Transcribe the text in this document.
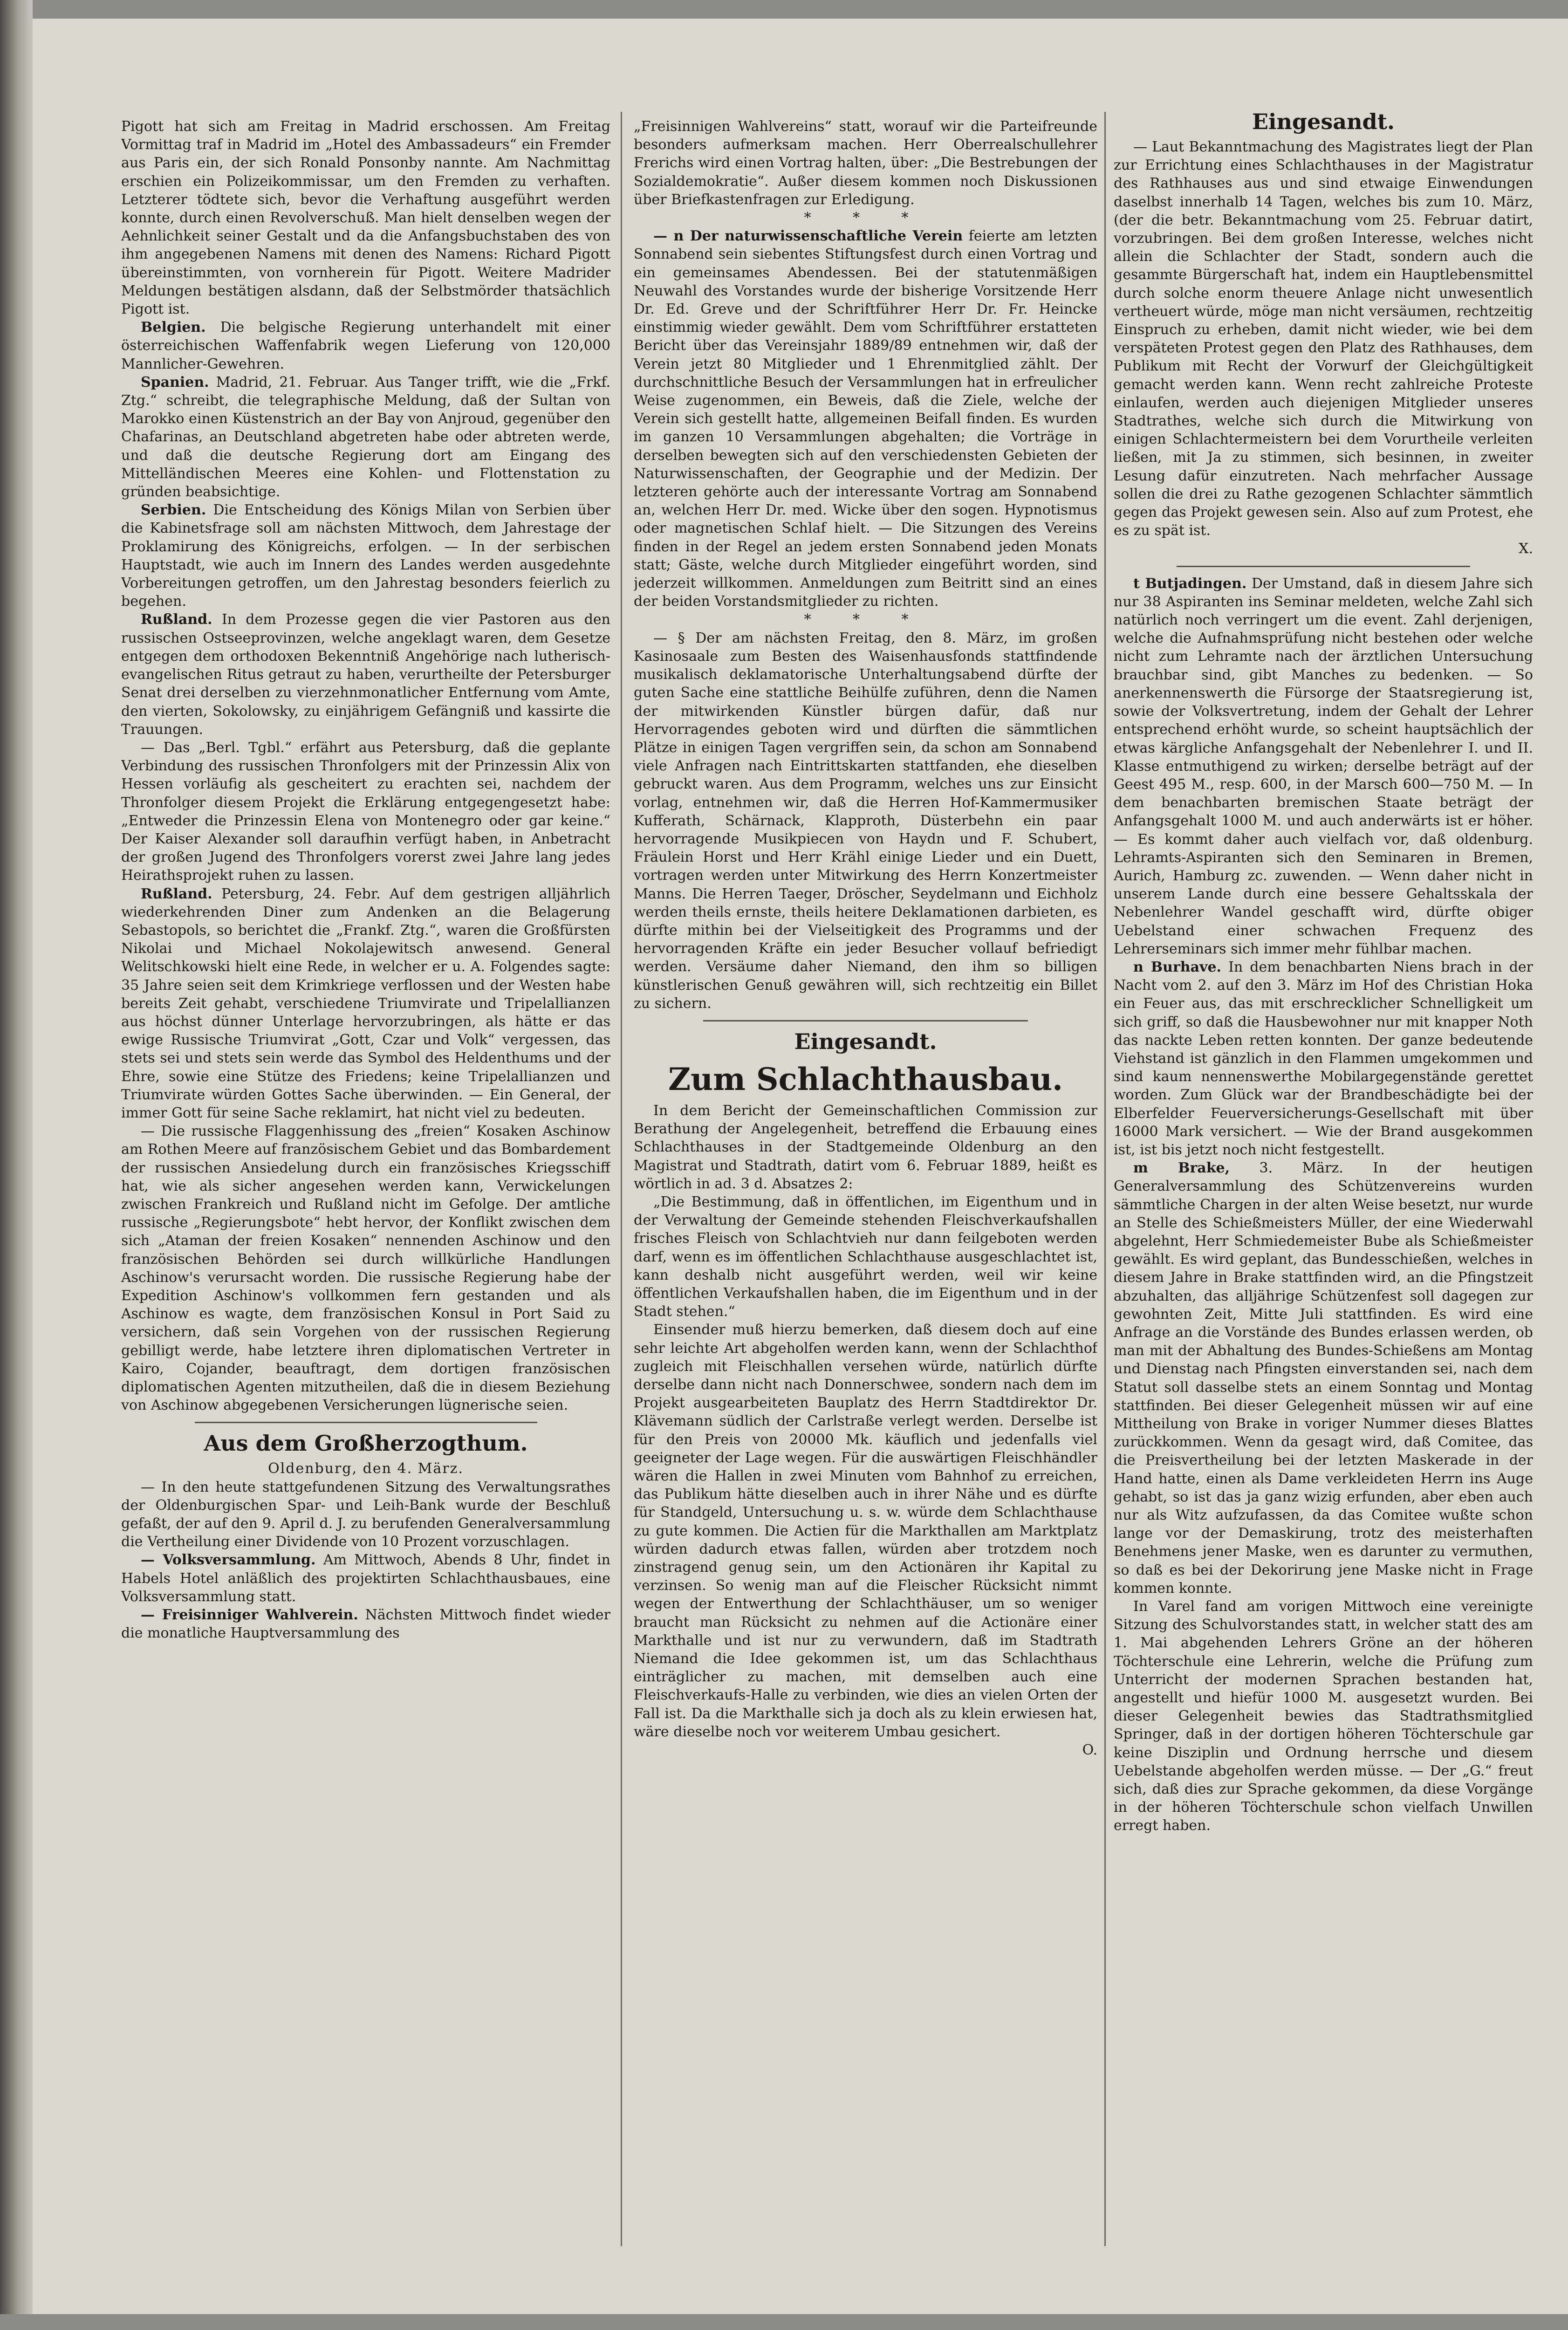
Pigott hat sich am Freitag in Madrid erschossen. Am Freitag Vormittag traf in Madrid im „Hotel des Ambassadeurs“ ein Fremder aus Paris ein, der sich Ronald Ponsonby nannte. Am Nachmittag erschien ein Polizeikommissar, um den Fremden zu verhaften. Letzterer tödtete sich, bevor die Verhaftung ausgeführt werden konnte, durch einen Revolverschuß. Man hielt denselben wegen der Aehnlichkeit seiner Gestalt und da die Anfangsbuchstaben des von ihm angegebenen Namens mit denen des Namens: Richard Pigott übereinstimmten, von vornherein für Pigott. Weitere Madrider Meldungen bestätigen alsdann, daß der Selbstmörder thatsächlich Pigott ist.

Belgien. Die belgische Regierung unterhandelt mit einer österreichischen Waffenfabrik wegen Lieferung von 120,000 Mannlicher-Gewehren.

Spanien. Madrid, 21. Februar. Aus Tanger trifft, wie die „Frkf. Ztg.“ schreibt, die telegraphische Meldung, daß der Sultan von Marokko einen Küstenstrich an der Bay von Anjroud, gegenüber den Chafarinas, an Deutschland abgetreten habe oder abtreten werde, und daß die deutsche Regierung dort am Eingang des Mittelländischen Meeres eine Kohlen- und Flottenstation zu gründen beabsichtige.

Serbien. Die Entscheidung des Königs Milan von Serbien über die Kabinetsfrage soll am nächsten Mittwoch, dem Jahrestage der Proklamirung des Königreichs, erfolgen. — In der serbischen Hauptstadt, wie auch im Innern des Landes werden ausgedehnte Vorbereitungen getroffen, um den Jahrestag besonders feierlich zu begehen.

Rußland. In dem Prozesse gegen die vier Pastoren aus den russischen Ostseeprovinzen, welche angeklagt waren, dem Gesetze entgegen dem orthodoxen Bekenntniß Angehörige nach lutherisch-evangelischen Ritus getraut zu haben, verurtheilte der Petersburger Senat drei derselben zu vierzehnmonatlicher Entfernung vom Amte, den vierten, Sokolowsky, zu einjährigem Gefängniß und kassirte die Trauungen.

— Das „Berl. Tgbl.“ erfährt aus Petersburg, daß die geplante Verbindung des russischen Thronfolgers mit der Prinzessin Alix von Hessen vorläufig als gescheitert zu erachten sei, nachdem der Thronfolger diesem Projekt die Erklärung entgegengesetzt habe: „Entweder die Prinzessin Elena von Montenegro oder gar keine.“ Der Kaiser Alexander soll daraufhin verfügt haben, in Anbetracht der großen Jugend des Thronfolgers vorerst zwei Jahre lang jedes Heirathsprojekt ruhen zu lassen.

Rußland. Petersburg, 24. Febr. Auf dem gestrigen alljährlich wiederkehrenden Diner zum Andenken an die Belagerung Sebastopols, so berichtet die „Frankf. Ztg.“, waren die Großfürsten Nikolai und Michael Nokolajewitsch anwesend. General Welitschkowski hielt eine Rede, in welcher er u. A. Folgendes sagte: 35 Jahre seien seit dem Krimkriege verflossen und der Westen habe bereits Zeit gehabt, verschiedene Triumvirate und Tripelallianzen aus höchst dünner Unterlage hervorzubringen, als hätte er das ewige Russische Triumvirat „Gott, Czar und Volk“ vergessen, das stets sei und stets sein werde das Symbol des Heldenthums und der Ehre, sowie eine Stütze des Friedens; keine Tripelallianzen und Triumvirate würden Gottes Sache überwinden. — Ein General, der immer Gott für seine Sache reklamirt, hat nicht viel zu bedeuten.

— Die russische Flaggenhissung des „freien“ Kosaken Aschinow am Rothen Meere auf französischem Gebiet und das Bombardement der russischen Ansiedelung durch ein französisches Kriegsschiff hat, wie als sicher angesehen werden kann, Verwickelungen zwischen Frankreich und Rußland nicht im Gefolge. Der amtliche russische „Regierungsbote“ hebt hervor, der Konflikt zwischen dem sich „Ataman der freien Kosaken“ nennenden Aschinow und den französischen Behörden sei durch willkürliche Handlungen Aschinow's verursacht worden. Die russische Regierung habe der Expedition Aschinow's vollkommen fern gestanden und als Aschinow es wagte, dem französischen Konsul in Port Said zu versichern, daß sein Vorgehen von der russischen Regierung gebilligt werde, habe letztere ihren diplomatischen Vertreter in Kairo, Cojander, beauftragt, dem dortigen französischen diplomatischen Agenten mitzutheilen, daß die in diesem Beziehung von Aschinow abgegebenen Versicherungen lügnerische seien.

Aus dem Großherzogthum.

Oldenburg, den 4. März.

— In den heute stattgefundenen Sitzung des Verwaltungsrathes der Oldenburgischen Spar- und Leih-Bank wurde der Beschluß gefaßt, der auf den 9. April d. J. zu berufenden Generalversammlung die Vertheilung einer Dividende von 10 Prozent vorzuschlagen.

— Volksversammlung. Am Mittwoch, Abends 8 Uhr, findet in Habels Hotel anläßlich des projektirten Schlachthausbaues, eine Volksversammlung statt.

— Freisinniger Wahlverein. Nächsten Mittwoch findet wieder die monatliche Hauptversammlung des

„Freisinnigen Wahlvereins“ statt, worauf wir die Parteifreunde besonders aufmerksam machen. Herr Oberrealschullehrer Frerichs wird einen Vortrag halten, über: „Die Bestrebungen der Sozialdemokratie“. Außer diesem kommen noch Diskussionen über Briefkastenfragen zur Erledigung.

* * *

— n Der naturwissenschaftliche Verein feierte am letzten Sonnabend sein siebentes Stiftungsfest durch einen Vortrag und ein gemeinsames Abendessen. Bei der statutenmäßigen Neuwahl des Vorstandes wurde der bisherige Vorsitzende Herr Dr. Ed. Greve und der Schriftführer Herr Dr. Fr. Heincke einstimmig wieder gewählt. Dem vom Schriftführer erstatteten Bericht über das Vereinsjahr 1889/89 entnehmen wir, daß der Verein jetzt 80 Mitglieder und 1 Ehrenmitglied zählt. Der durchschnittliche Besuch der Versammlungen hat in erfreulicher Weise zugenommen, ein Beweis, daß die Ziele, welche der Verein sich gestellt hatte, allgemeinen Beifall finden. Es wurden im ganzen 10 Versammlungen abgehalten; die Vorträge in derselben bewegten sich auf den verschiedensten Gebieten der Naturwissenschaften, der Geographie und der Medizin. Der letzteren gehörte auch der interessante Vortrag am Sonnabend an, welchen Herr Dr. med. Wicke über den sogen. Hypnotismus oder magnetischen Schlaf hielt. — Die Sitzungen des Vereins finden in der Regel an jedem ersten Sonnabend jeden Monats statt; Gäste, welche durch Mitglieder eingeführt worden, sind jederzeit willkommen. Anmeldungen zum Beitritt sind an eines der beiden Vorstandsmitglieder zu richten.

* * *

— § Der am nächsten Freitag, den 8. März, im großen Kasinosaale zum Besten des Waisenhausfonds stattfindende musikalisch deklamatorische Unterhaltungsabend dürfte der guten Sache eine stattliche Beihülfe zuführen, denn die Namen der mitwirkenden Künstler bürgen dafür, daß nur Hervorragendes geboten wird und dürften die sämmtlichen Plätze in einigen Tagen vergriffen sein, da schon am Sonnabend viele Anfragen nach Eintrittskarten stattfanden, ehe dieselben gebruckt waren. Aus dem Programm, welches uns zur Einsicht vorlag, entnehmen wir, daß die Herren Hof-Kammermusiker Kufferath, Schärnack, Klapproth, Düsterbehn ein paar hervorragende Musikpiecen von Haydn und F. Schubert, Fräulein Horst und Herr Krähl einige Lieder und ein Duett, vortragen werden unter Mitwirkung des Herrn Konzertmeister Manns. Die Herren Taeger, Dröscher, Seydelmann und Eichholz werden theils ernste, theils heitere Deklamationen darbieten, es dürfte mithin bei der Vielseitigkeit des Programms und der hervorragenden Kräfte ein jeder Besucher vollauf befriedigt werden. Versäume daher Niemand, den ihm so billigen künstlerischen Genuß gewähren will, sich rechtzeitig ein Billet zu sichern.

Eingesandt.
Zum Schlachthausbau.

In dem Bericht der Gemeinschaftlichen Commission zur Berathung der Angelegenheit, betreffend die Erbauung eines Schlachthauses in der Stadtgemeinde Oldenburg an den Magistrat und Stadtrath, datirt vom 6. Februar 1889, heißt es wörtlich in ad. 3 d. Absatzes 2:

„Die Bestimmung, daß in öffentlichen, im Eigenthum und in der Verwaltung der Gemeinde stehenden Fleischverkaufshallen frisches Fleisch von Schlachtvieh nur dann feilgeboten werden darf, wenn es im öffentlichen Schlachthause ausgeschlachtet ist, kann deshalb nicht ausgeführt werden, weil wir keine öffentlichen Verkaufshallen haben, die im Eigenthum und in der Stadt stehen.“

Einsender muß hierzu bemerken, daß diesem doch auf eine sehr leichte Art abgeholfen werden kann, wenn der Schlachthof zugleich mit Fleischhallen versehen würde, natürlich dürfte derselbe dann nicht nach Donnerschwee, sondern nach dem im Projekt ausgearbeiteten Bauplatz des Herrn Stadtdirektor Dr. Klävemann südlich der Carlstraße verlegt werden. Derselbe ist für den Preis von 20000 Mk. käuflich und jedenfalls viel geeigneter der Lage wegen. Für die auswärtigen Fleischhändler wären die Hallen in zwei Minuten vom Bahnhof zu erreichen, das Publikum hätte dieselben auch in ihrer Nähe und es dürfte für Standgeld, Untersuchung u. s. w. würde dem Schlachthause zu gute kommen. Die Actien für die Markthallen am Marktplatz würden dadurch etwas fallen, würden aber trotzdem noch zinstragend genug sein, um den Actionären ihr Kapital zu verzinsen. So wenig man auf die Fleischer Rücksicht nimmt wegen der Entwerthung der Schlachthäuser, um so weniger braucht man Rücksicht zu nehmen auf die Actionäre einer Markthalle und ist nur zu verwundern, daß im Stadtrath Niemand die Idee gekommen ist, um das Schlachthaus einträglicher zu machen, mit demselben auch eine Fleischverkaufs-Halle zu verbinden, wie dies an vielen Orten der Fall ist. Da die Markthalle sich ja doch als zu klein erwiesen hat, wäre dieselbe noch vor weiterem Umbau gesichert.

O.

Eingesandt.

— Laut Bekanntmachung des Magistrates liegt der Plan zur Errichtung eines Schlachthauses in der Magistratur des Rathhauses aus und sind etwaige Einwendungen daselbst innerhalb 14 Tagen, welches bis zum 10. März, (der die betr. Bekanntmachung vom 25. Februar datirt, vorzubringen. Bei dem großen Interesse, welches nicht allein die Schlachter der Stadt, sondern auch die gesammte Bürgerschaft hat, indem ein Hauptlebensmittel durch solche enorm theuere Anlage nicht unwesentlich vertheuert würde, möge man nicht versäumen, rechtzeitig Einspruch zu erheben, damit nicht wieder, wie bei dem verspäteten Protest gegen den Platz des Rathhauses, dem Publikum mit Recht der Vorwurf der Gleichgültigkeit gemacht werden kann. Wenn recht zahlreiche Proteste einlaufen, werden auch diejenigen Mitglieder unseres Stadtrathes, welche sich durch die Mitwirkung von einigen Schlachtermeistern bei dem Vorurtheile verleiten ließen, mit Ja zu stimmen, sich besinnen, in zweiter Lesung dafür einzutreten. Nach mehrfacher Aussage sollen die drei zu Rathe gezogenen Schlachter sämmtlich gegen das Projekt gewesen sein. Also auf zum Protest, ehe es zu spät ist.

X.

t Butjadingen. Der Umstand, daß in diesem Jahre sich nur 38 Aspiranten ins Seminar meldeten, welche Zahl sich natürlich noch verringert um die event. Zahl derjenigen, welche die Aufnahmsprüfung nicht bestehen oder welche nicht zum Lehramte nach der ärztlichen Untersuchung brauchbar sind, gibt Manches zu bedenken. — So anerkennenswerth die Fürsorge der Staatsregierung ist, sowie der Volksvertretung, indem der Gehalt der Lehrer entsprechend erhöht wurde, so scheint hauptsächlich der etwas kärgliche Anfangsgehalt der Nebenlehrer I. und II. Klasse entmuthigend zu wirken; derselbe beträgt auf der Geest 495 M., resp. 600, in der Marsch 600—750 M. — In dem benachbarten bremischen Staate beträgt der Anfangsgehalt 1000 M. und auch anderwärts ist er höher. — Es kommt daher auch vielfach vor, daß oldenburg. Lehramts-Aspiranten sich den Seminaren in Bremen, Aurich, Hamburg zc. zuwenden. — Wenn daher nicht in unserem Lande durch eine bessere Gehaltsskala der Nebenlehrer Wandel geschafft wird, dürfte obiger Uebelstand einer schwachen Frequenz des Lehrerseminars sich immer mehr fühlbar machen.

n Burhave. In dem benachbarten Niens brach in der Nacht vom 2. auf den 3. März im Hof des Christian Hoka ein Feuer aus, das mit erschrecklicher Schnelligkeit um sich griff, so daß die Hausbewohner nur mit knapper Noth das nackte Leben retten konnten. Der ganze bedeutende Viehstand ist gänzlich in den Flammen umgekommen und sind kaum nennenswerthe Mobilargegenstände gerettet worden. Zum Glück war der Brandbeschädigte bei der Elberfelder Feuerversicherungs-Gesellschaft mit über 16000 Mark versichert. — Wie der Brand ausgekommen ist, ist bis jetzt noch nicht festgestellt.

m Brake, 3. März. In der heutigen Generalversammlung des Schützenvereins wurden sämmtliche Chargen in der alten Weise besetzt, nur wurde an Stelle des Schießmeisters Müller, der eine Wiederwahl abgelehnt, Herr Schmiedemeister Bube als Schießmeister gewählt. Es wird geplant, das Bundesschießen, welches in diesem Jahre in Brake stattfinden wird, an die Pfingstzeit abzuhalten, das alljährige Schützenfest soll dagegen zur gewohnten Zeit, Mitte Juli stattfinden. Es wird eine Anfrage an die Vorstände des Bundes erlassen werden, ob man mit der Abhaltung des Bundes-Schießens am Montag und Dienstag nach Pfingsten einverstanden sei, nach dem Statut soll dasselbe stets an einem Sonntag und Montag stattfinden. Bei dieser Gelegenheit müssen wir auf eine Mittheilung von Brake in voriger Nummer dieses Blattes zurückkommen. Wenn da gesagt wird, daß Comitee, das die Preisvertheilung bei der letzten Maskerade in der Hand hatte, einen als Dame verkleideten Herrn ins Auge gehabt, so ist das ja ganz wizig erfunden, aber eben auch nur als Witz aufzufassen, da das Comitee wußte schon lange vor der Demaskirung, trotz des meisterhaften Benehmens jener Maske, wen es darunter zu vermuthen, so daß es bei der Dekorirung jene Maske nicht in Frage kommen konnte.

In Varel fand am vorigen Mittwoch eine vereinigte Sitzung des Schulvorstandes statt, in welcher statt des am 1. Mai abgehenden Lehrers Gröne an der höheren Töchterschule eine Lehrerin, welche die Prüfung zum Unterricht der modernen Sprachen bestanden hat, angestellt und hiefür 1000 M. ausgesetzt wurden. Bei dieser Gelegenheit bewies das Stadtrathsmitglied Springer, daß in der dortigen höheren Töchterschule gar keine Disziplin und Ordnung herrsche und diesem Uebelstande abgeholfen werden müsse. — Der „G.“ freut sich, daß dies zur Sprache gekommen, da diese Vorgänge in der höheren Töchterschule schon vielfach Unwillen erregt haben.
